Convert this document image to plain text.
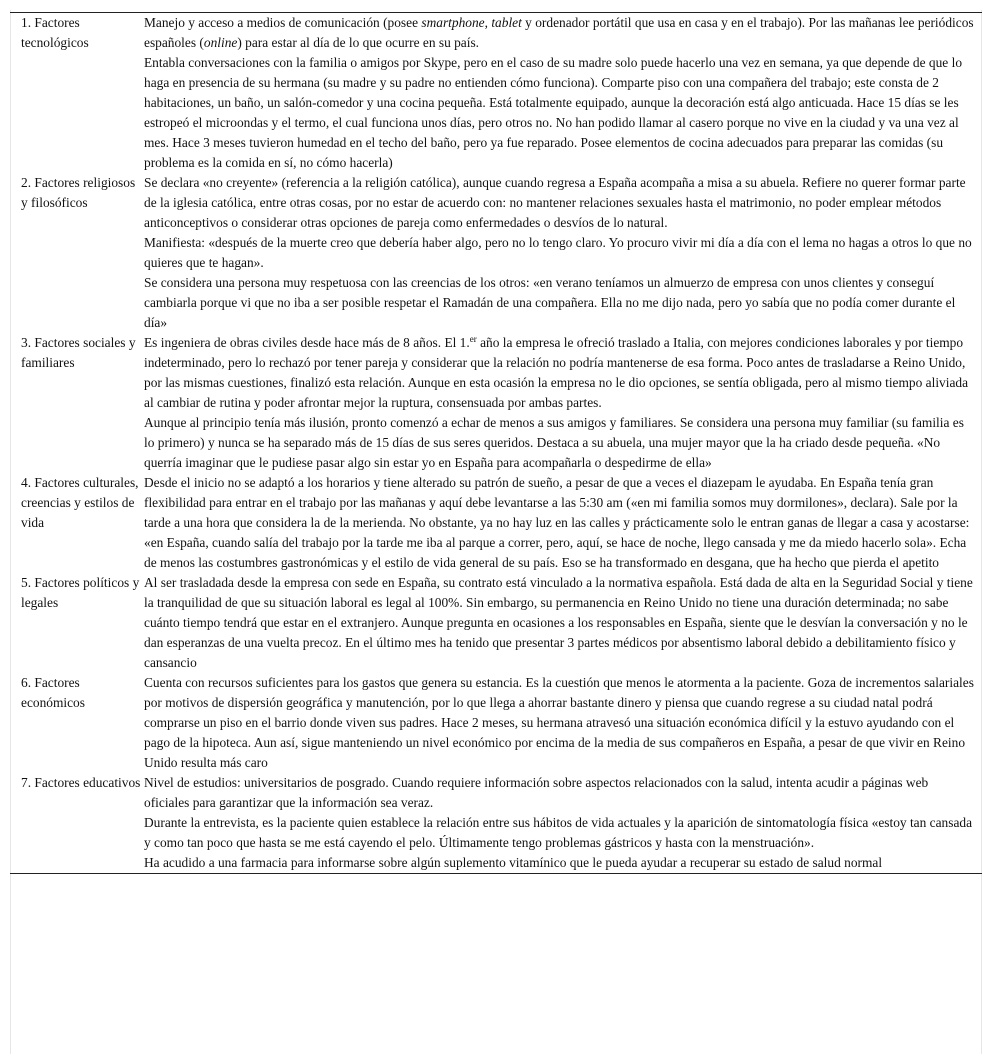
1. Factores tecnológicos	Manejo y acceso a medios de comunicación (posee smartphone, tablet y ordenador portátil que usa en casa y en el trabajo). Por las mañanas lee periódicos españoles (online) para estar al día de lo que ocurre en su país.

Entabla conversaciones con la familia o amigos por Skype, pero en el caso de su madre solo puede hacerlo una vez en semana, ya que depende de que lo haga en presencia de su hermana (su madre y su padre no entienden cómo funciona). Comparte piso con una compañera del trabajo; este consta de 2 habitaciones, un baño, un salón-comedor y una cocina pequeña. Está totalmente equipado, aunque la decoración está algo anticuada. Hace 15 días se les estropeó el microondas y el termo, el cual funciona unos días, pero otros no. No han podido llamar al casero porque no vive en la ciudad y va una vez al mes. Hace 3 meses tuvieron humedad en el techo del baño, pero ya fue reparado. Posee elementos de cocina adecuados para preparar las comidas (su problema es la comida en sí, no cómo hacerla)

2. Factores religiosos y filosóficos	Se declara «no creyente» (referencia a la religión católica), aunque cuando regresa a España acompaña a misa a su abuela. Refiere no querer formar parte de la iglesia católica, entre otras cosas, por no estar de acuerdo con: no mantener relaciones sexuales hasta el matrimonio, no poder emplear métodos anticonceptivos o considerar otras opciones de pareja como enfermedades o desvíos de lo natural.

Manifiesta: «después de la muerte creo que debería haber algo, pero no lo tengo claro. Yo procuro vivir mi día a día con el lema no hagas a otros lo que no quieres que te hagan».

Se considera una persona muy respetuosa con las creencias de los otros: «en verano teníamos un almuerzo de empresa con unos clientes y conseguí cambiarla porque vi que no iba a ser posible respetar el Ramadán de una compañera. Ella no me dijo nada, pero yo sabía que no podía comer durante el día»

3. Factores sociales y familiares	Es ingeniera de obras civiles desde hace más de 8 años. El 1.$^{er}$ año la empresa le ofreció traslado a Italia, con mejores condiciones laborales y por tiempo indeterminado, pero lo rechazó por tener pareja y considerar que la relación no podría mantenerse de esa forma. Poco antes de trasladarse a Reino Unido, por las mismas cuestiones, finalizó esta relación. Aunque en esta ocasión la empresa no le dio opciones, se sentía obligada, pero al mismo tiempo aliviada al cambiar de rutina y poder afrontar mejor la ruptura, consensuada por ambas partes.

Aunque al principio tenía más ilusión, pronto comenzó a echar de menos a sus amigos y familiares. Se considera una persona muy familiar (su familia es lo primero) y nunca se ha separado más de 15 días de sus seres queridos. Destaca a su abuela, una mujer mayor que la ha criado desde pequeña. «No querría imaginar que le pudiese pasar algo sin estar yo en España para acompañarla o despedirme de ella»

4. Factores culturales, creencias y estilos de vida	Desde el inicio no se adaptó a los horarios y tiene alterado su patrón de sueño, a pesar de que a veces el diazepam le ayudaba. En España tenía gran flexibilidad para entrar en el trabajo por las mañanas y aquí debe levantarse a las 5:30 am («en mi familia somos muy dormilones», declara). Sale por la tarde a una hora que considera la de la merienda. No obstante, ya no hay luz en las calles y prácticamente solo le entran ganas de llegar a casa y acostarse: «en España, cuando salía del trabajo por la tarde me iba al parque a correr, pero, aquí, se hace de noche, llego cansada y me da miedo hacerlo sola». Echa de menos las costumbres gastronómicas y el estilo de vida general de su país. Eso se ha transformado en desgana, que ha hecho que pierda el apetito

5. Factores políticos y legales	Al ser trasladada desde la empresa con sede en España, su contrato está vinculado a la normativa española. Está dada de alta en la Seguridad Social y tiene la tranquilidad de que su situación laboral es legal al 100%. Sin embargo, su permanencia en Reino Unido no tiene una duración determinada; no sabe cuánto tiempo tendrá que estar en el extranjero. Aunque pregunta en ocasiones a los responsables en España, siente que le desvían la conversación y no le dan esperanzas de una vuelta precoz. En el último mes ha tenido que presentar 3 partes médicos por absentismo laboral debido a debilitamiento físico y cansancio

6. Factores económicos	Cuenta con recursos suficientes para los gastos que genera su estancia. Es la cuestión que menos le atormenta a la paciente. Goza de incrementos salariales por motivos de dispersión geográfica y manutención, por lo que llega a ahorrar bastante dinero y piensa que cuando regrese a su ciudad natal podrá comprarse un piso en el barrio donde viven sus padres. Hace 2 meses, su hermana atravesó una situación económica difícil y la estuvo ayudando con el pago de la hipoteca. Aun así, sigue manteniendo un nivel económico por encima de la media de sus compañeros en España, a pesar de que vivir en Reino Unido resulta más caro

7. Factores educativos	Nivel de estudios: universitarios de posgrado. Cuando requiere información sobre aspectos relacionados con la salud, intenta acudir a páginas web oficiales para garantizar que la información sea veraz.

Durante la entrevista, es la paciente quien establece la relación entre sus hábitos de vida actuales y la aparición de sintomatología física «estoy tan cansada y como tan poco que hasta se me está cayendo el pelo. Últimamente tengo problemas gástricos y hasta con la menstruación».

Ha acudido a una farmacia para informarse sobre algún suplemento vitamínico que le pueda ayudar a recuperar su estado de salud normal
